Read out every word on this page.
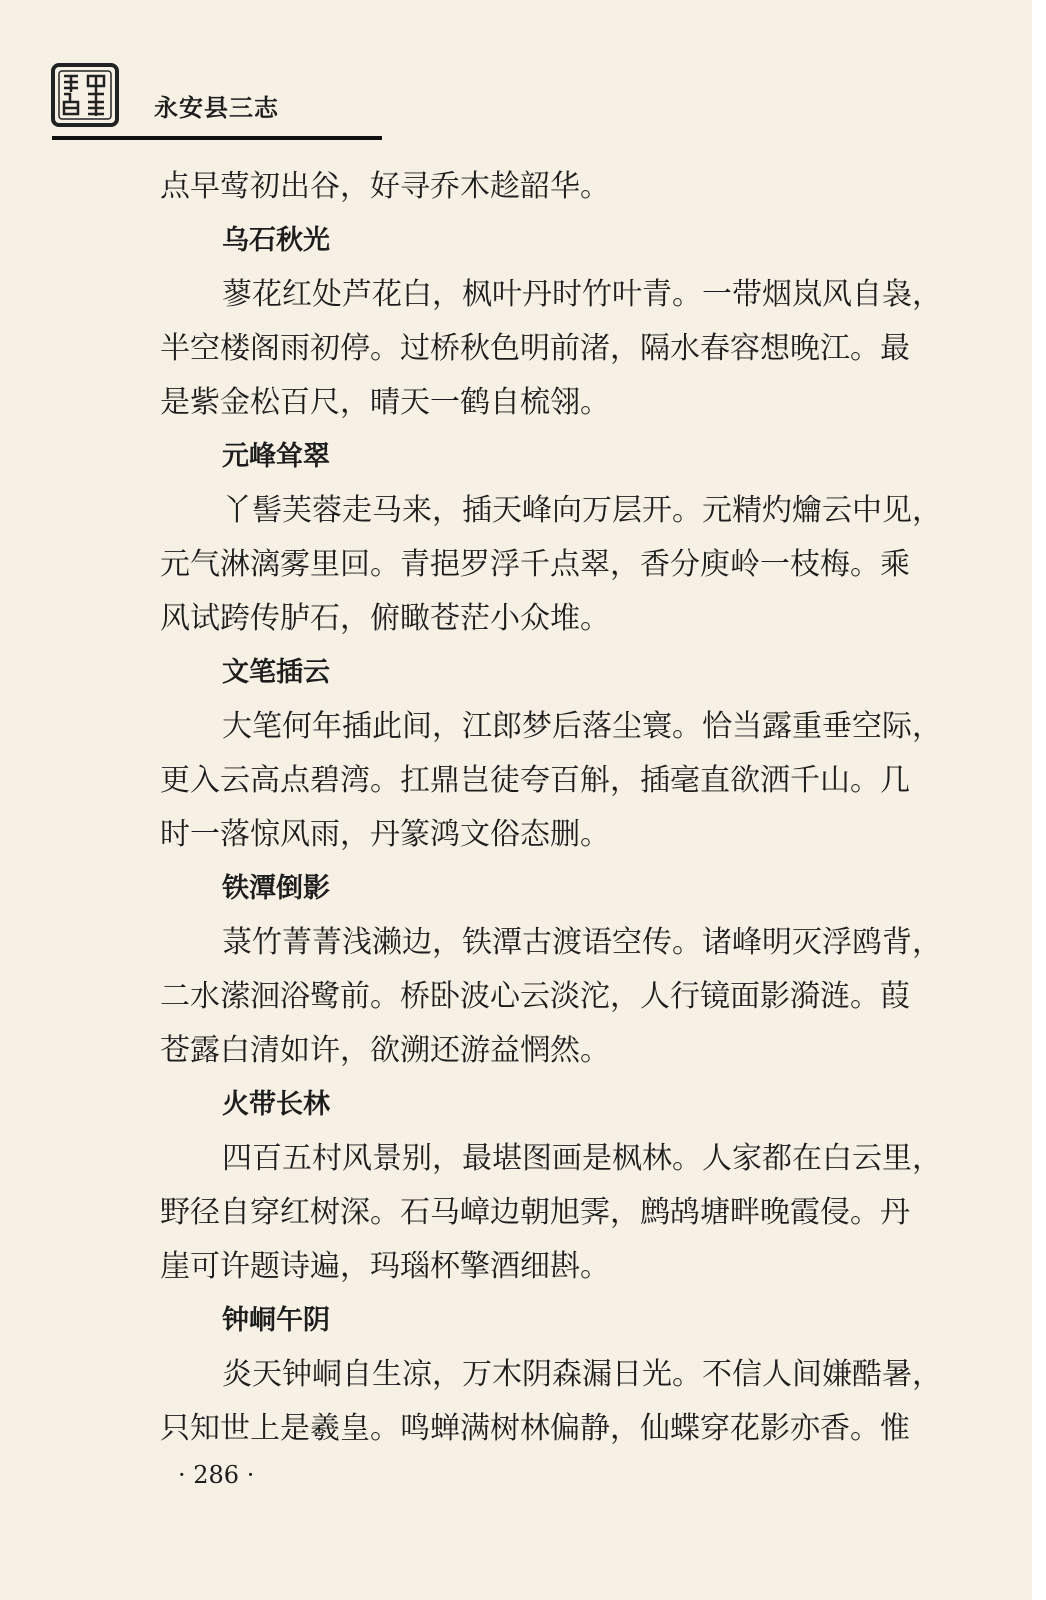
永安县三志

点早莺初出谷，好寻乔木趁韶华。

乌石秋光

蓼花红处芦花白，枫叶丹时竹叶青。一带烟岚风自袅，

半空楼阁雨初停。过桥秋色明前渚，隔水春容想晚江。最

是紫金松百尺，晴天一鹤自梳翎。

元峰耸翠

丫髻芙蓉走马来，插天峰向万层开。元精灼爚云中见，

元气淋漓雾里回。青挹罗浮千点翠，香分庾岭一枝梅。乘

风试跨传胪石，俯瞰苍茫小众堆。

文笔插云

大笔何年插此间，江郎梦后落尘寰。恰当露重垂空际，

更入云高点碧湾。扛鼎岂徒夸百斛，插毫直欲洒千山。几

时一落惊风雨，丹篆鸿文俗态删。

铁潭倒影

菉竹菁菁浅濑边，铁潭古渡语空传。诸峰明灭浮鸥背，

二水潆洄浴鹭前。桥卧波心云淡沱，人行镜面影漪涟。葭

苍露白清如许，欲溯还游益惘然。

火带长林

四百五村风景别，最堪图画是枫林。人家都在白云里，

野径自穿红树深。石马嶂边朝旭霁，鹧鸪塘畔晚霞侵。丹

崖可许题诗遍，玛瑙杯擎酒细斟。

钟峒午阴

炎天钟峒自生凉，万木阴森漏日光。不信人间嫌酷暑，

只知世上是羲皇。鸣蝉满树林偏静，仙蝶穿花影亦香。惟

· 286 ·
